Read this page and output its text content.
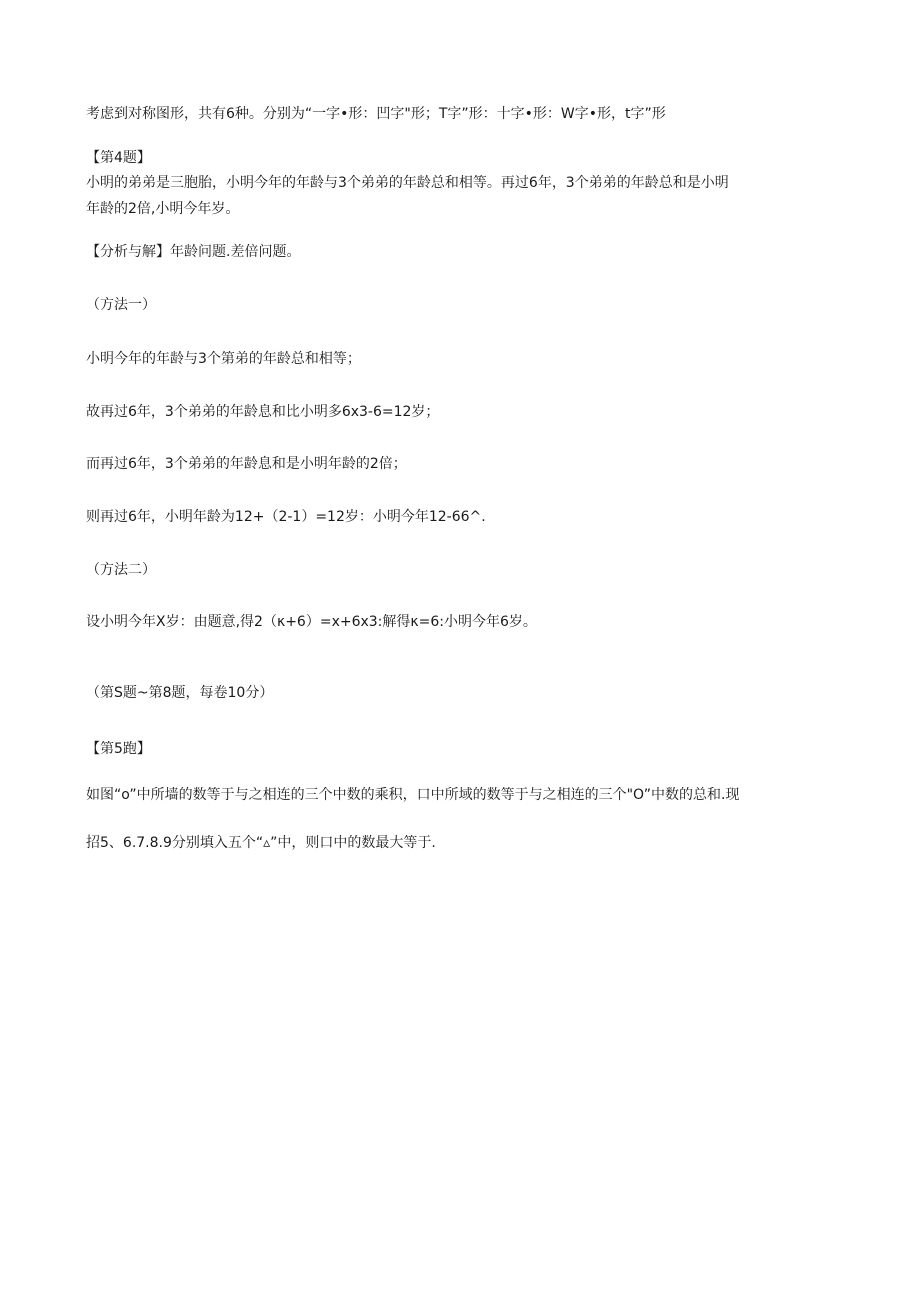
考虑到对称图形，共有6种。分别为“一字•形：凹字"形；T字”形：十字•形：W字•形，t字”形

【第4题】

小明的弟弟是三胞胎，小明今年的年龄与3个弟弟的年龄总和相等。再过6年，3个弟弟的年龄总和是小明

年龄的2倍,小明今年岁。

【分析与解】年龄问题.差倍问题。

（方法一）

小明今年的年龄与3个第弟的年龄总和相等；

故再过6年，3个弟弟的年龄息和比小明多6x3-6=12岁；

而再过6年，3个弟弟的年龄息和是小明年龄的2倍；

则再过6年，小明年龄为12+（2-1）=12岁：小明今年12-66^.

（方法二）

设小明今年X岁：由题意,得2（κ+6）=x+6x3:解得κ=6:小明今年6岁。

（第S题~第8题，每卷10分）

【第5跑】

如图“o”中所墙的数等于与之相连的三个中数的乘积，口中所域的数等于与之相连的三个"O”中数的总和.现

招5、6.7.8.9分别填入五个“▵”中，则口中的数最大等于.
